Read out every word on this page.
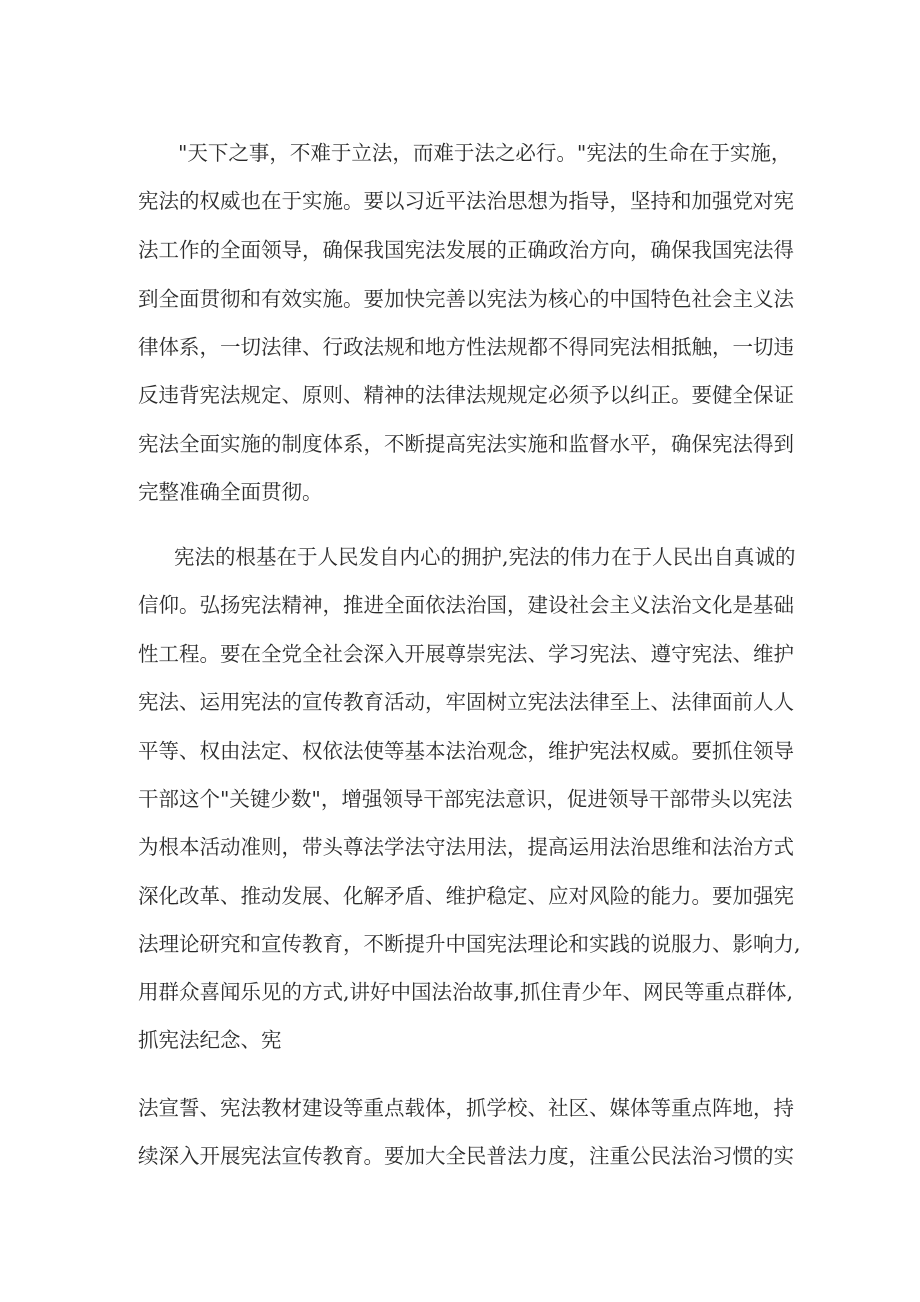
"天下之事，不难于立法，而难于法之必行。"宪法的生命在于实施，
宪法的权威也在于实施。要以习近平法治思想为指导，坚持和加强党对宪
法工作的全面领导，确保我国宪法发展的正确政治方向，确保我国宪法得
到全面贯彻和有效实施。要加快完善以宪法为核心的中国特色社会主义法
律体系，一切法律、行政法规和地方性法规都不得同宪法相抵触，一切违
反违背宪法规定、原则、精神的法律法规规定必须予以纠正。要健全保证
宪法全面实施的制度体系，不断提高宪法实施和监督水平，确保宪法得到
完整准确全面贯彻。
宪法的根基在于人民发自内心的拥护,宪法的伟力在于人民出自真诚的
信仰。弘扬宪法精神，推进全面依法治国，建设社会主义法治文化是基础
性工程。要在全党全社会深入开展尊崇宪法、学习宪法、遵守宪法、维护
宪法、运用宪法的宣传教育活动，牢固树立宪法法律至上、法律面前人人
平等、权由法定、权依法使等基本法治观念，维护宪法权威。要抓住领导
干部这个"关键少数"，增强领导干部宪法意识，促进领导干部带头以宪法
为根本活动准则，带头尊法学法守法用法，提高运用法治思维和法治方式
深化改革、推动发展、化解矛盾、维护稳定、应对风险的能力。要加强宪
法理论研究和宣传教育，不断提升中国宪法理论和实践的说服力、影响力,
用群众喜闻乐见的方式,讲好中国法治故事,抓住青少年、网民等重点群体,
抓宪法纪念、宪
法宣誓、宪法教材建设等重点载体，抓学校、社区、媒体等重点阵地，持
续深入开展宪法宣传教育。要加大全民普法力度，注重公民法治习惯的实
